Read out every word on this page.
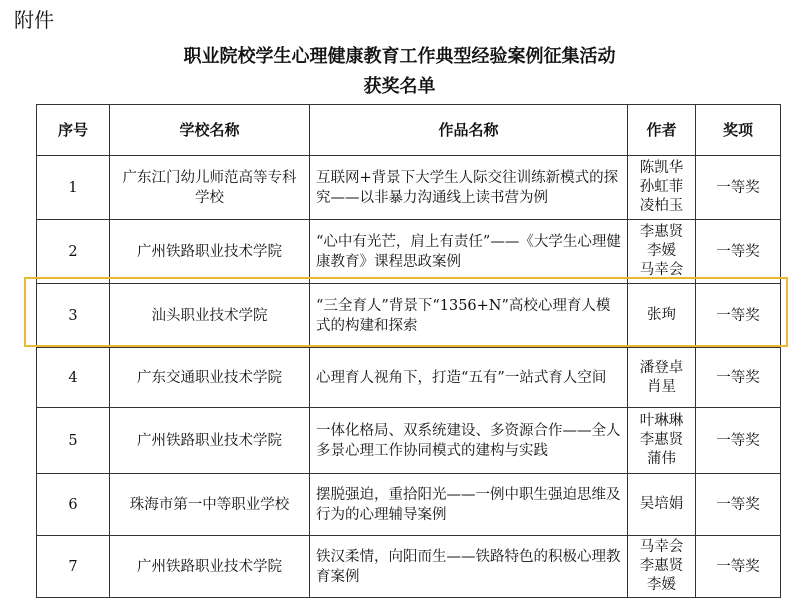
附件
职业院校学生心理健康教育工作典型经验案例征集活动
获奖名单
序号	学校名称	作品名称	作者	奖项
1	广东江门幼儿师范高等专科学校	互联网+背景下大学生人际交往训练新模式的探究——以非暴力沟通线上读书营为例	陈凯华
孙虹菲
凌柏玉	一等奖
2	广州铁路职业技术学院	“心中有光芒，肩上有责任”——《大学生心理健康教育》课程思政案例	李惠贤
李媛
马幸会	一等奖
3	汕头职业技术学院	“三全育人”背景下“1356+N”高校心理育人模式的构建和探索	张珣	一等奖
4	广东交通职业技术学院	心理育人视角下，打造“五有”一站式育人空间	潘登卓
肖星	一等奖
5	广州铁路职业技术学院	一体化格局、双系统建设、多资源合作——全人多景心理工作协同模式的建构与实践	叶琳琳
李惠贤
蒲伟	一等奖
6	珠海市第一中等职业学校	摆脱强迫，重拾阳光——一例中职生强迫思维及行为的心理辅导案例	吴培娟	一等奖
7	广州铁路职业技术学院	铁汉柔情，向阳而生——铁路特色的积极心理教育案例	马幸会
李惠贤
李媛	一等奖
